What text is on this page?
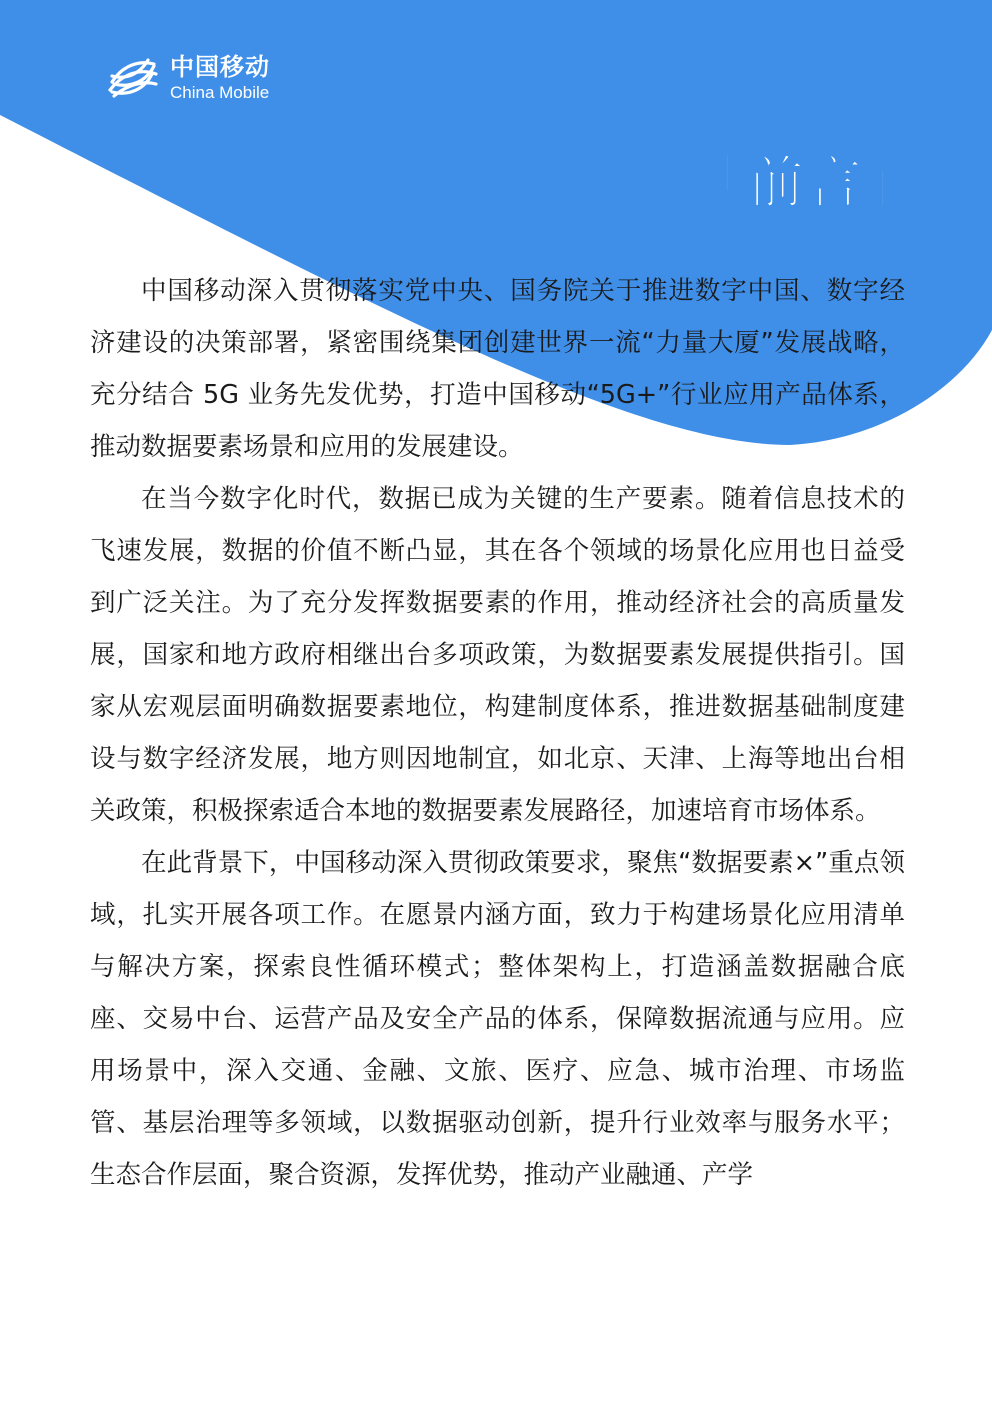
中国移动
China Mobile
「前言」

中国移动深入贯彻落实党中央、国务院关于推进数字中国、数字经济建设的决策部署，紧密围绕集团创建世界一流“力量大厦”发展战略，充分结合 5G 业务先发优势，打造中国移动“5G+”行业应用产品体系，推动数据要素场景和应用的发展建设。

在当今数字化时代，数据已成为关键的生产要素。随着信息技术的飞速发展，数据的价值不断凸显，其在各个领域的场景化应用也日益受到广泛关注。为了充分发挥数据要素的作用，推动经济社会的高质量发展，国家和地方政府相继出台多项政策，为数据要素发展提供指引。国家从宏观层面明确数据要素地位，构建制度体系，推进数据基础制度建设与数字经济发展，地方则因地制宜，如北京、天津、上海等地出台相关政策，积极探索适合本地的数据要素发展路径，加速培育市场体系。

在此背景下，中国移动深入贯彻政策要求，聚焦“数据要素×”重点领域，扎实开展各项工作。在愿景内涵方面，致力于构建场景化应用清单与解决方案，探索良性循环模式；整体架构上，打造涵盖数据融合底座、交易中台、运营产品及安全产品的体系，保障数据流通与应用。应用场景中，深入交通、金融、文旅、医疗、应急、城市治理、市场监管、基层治理等多领域，以数据驱动创新，提升行业效率与服务水平；生态合作层面，聚合资源，发挥优势，推动产业融通、产学
